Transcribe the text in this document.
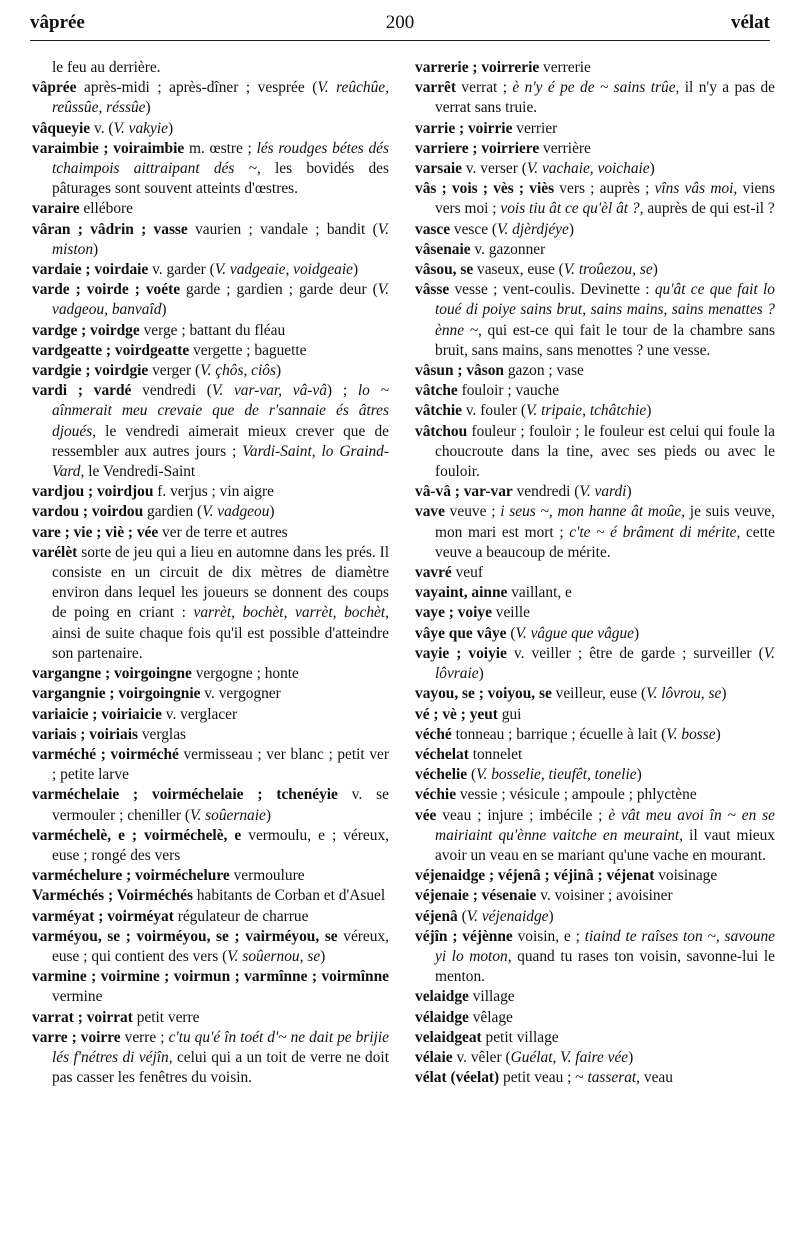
vâprée	200	vélat
le feu au derrière.
vâprée après-midi ; après-dîner ; vesprée (V. reûchûe, reûssûe, réssûe)
vâqueyie v. (V. vakyie)
varaimbie ; voiraimbie m. œstre ; lés roudges bétes dés tchaimpois aittraipant dés ~, les bovidés des pâturages sont souvent atteints d'œstres.
varaire ellébore
vâran ; vâdrin ; vasse vaurien ; vandale ; bandit (V. miston)
vardaie ; voirdaie v. garder (V. vadgeaie, voidgeaie)
varde ; voirde ; voéte garde ; gardien ; garde deur (V. vadgeou, banvaîd)
vardge ; voirdge verge ; battant du fléau
vardgeatte ; voirdgeatte vergette ; baguette
vardgie ; voirdgie verger (V. çhôs, ciôs)
vardi ; vardé vendredi (V. var-var, vâ-vâ) ; lo ~ aînmerait meu crevaie que de r'sannaie és âtres djoués, le vendredi aimerait mieux crever que de ressembler aux autres jours ; Vardi-Saint, lo Graind-Vard, le Vendredi-Saint
vardjou ; voirdjou f. verjus ; vin aigre
vardou ; voirdou gardien (V. vadgeou)
vare ; vie ; viè ; vée ver de terre et autres
varélèt sorte de jeu qui a lieu en automne dans les prés. Il consiste en un circuit de dix mètres de diamètre environ dans lequel les joueurs se donnent des coups de poing en criant : varrèt, bochèt, varrèt, bochèt, ainsi de suite chaque fois qu'il est possible d'atteindre son partenaire.
vargangne ; voirgoingne vergogne ; honte
vargangnie ; voirgoingnie v. vergogner
variaicie ; voiriaicie v. verglacer
variais ; voiriais verglas
varméché ; voirméché vermisseau ; ver blanc ; petit ver ; petite larve
varméchelaie ; voirméchelaie ; tchenéyie v. se vermouler ; cheniller (V. soûernaie)
varméchelè, e ; voirméchelè, e vermoulu, e ; véreux, euse ; rongé des vers
varméchelure ; voirméchelure vermoulure
Varméchés ; Voirméchés habitants de Corban et d'Asuel
varméyat ; voirméyat régulateur de charrue
varméyou, se ; voirméyou, se ; vairméyou, se véreux, euse ; qui contient des vers (V. soûernou, se)
varmine ; voirmine ; voirmun ; varmînne ; voirmînne vermine
varrat ; voirrat petit verre
varre ; voirre verre ; c'tu qu'é în toét d'~ ne dait pe brijie lés f'nétres di véjîn, celui qui a un toit de verre ne doit pas casser les fenêtres du voisin.
varrerie ; voirrerie verrerie
varrêt verrat ; è n'y é pe de ~ sains trûe, il n'y a pas de verrat sans truie.
varrie ; voirrie verrier
varriere ; voirriere verrière
varsaie v. verser (V. vachaie, voichaie)
vâs ; vois ; vès ; viès vers ; auprès ; vîns vâs moi, viens vers moi ; vois tiu ât ce qu'èl ât ?, auprès de qui est-il ?
vasce vesce (V. djèrdjéye)
vâsenaie v. gazonner
vâsou, se vaseux, euse (V. troûezou, se)
vâsse vesse ; vent-coulis. Devinette : qu'ât ce que fait lo toué di poiye sains brut, sains mains, sains menattes ? ènne ~, qui est-ce qui fait le tour de la chambre sans bruit, sans mains, sans menottes ? une vesse.
vâsun ; vâson gazon ; vase
vâtche fouloir ; vauche
vâtchie v. fouler (V. tripaie, tchâtchie)
vâtchou fouleur ; fouloir ; le fouleur est celui qui foule la choucroute dans la tine, avec ses pieds ou avec le fouloir.
vâ-vâ ; var-var vendredi (V. vardi)
vave veuve ; i seus ~, mon hanne ât moûe, je suis veuve, mon mari est mort ; c'te ~ é brâment di mérite, cette veuve a beaucoup de mérite.
vavré veuf
vayaint, ainne vaillant, e
vaye ; voiye veille
vâye que vâye (V. vâgue que vâgue)
vayie ; voiyie v. veiller ; être de garde ; surveiller (V. lôvraie)
vayou, se ; voiyou, se veilleur, euse (V. lôvrou, se)
vé ; vè ; yeut gui
véché tonneau ; barrique ; écuelle à lait (V. bosse)
véchelat tonnelet
véchelie (V. bosselie, tieufêt, tonelie)
véchie vessie ; vésicule ; ampoule ; phlyctène
vée veau ; injure ; imbécile ; è vât meu avoi în ~ en se mairiaint qu'ènne vaitche en meuraint, il vaut mieux avoir un veau en se mariant qu'une vache en mourant.
véjenaidge ; véjenâ ; véjinâ ; véjenat voisinage
véjenaie ; vésenaie v. voisiner ; avoisiner
véjenâ (V. véjenaidge)
véjîn ; véjènne voisin, e ; tiaind te raîses ton ~, savoune yi lo moton, quand tu rases ton voisin, savonne-lui le menton.
velaidge village
vélaidge vêlage
velaidgeat petit village
vélaie v. vêler (Guélat, V. faire vée)
vélat (véelat) petit veau ; ~ tasserat, veau
